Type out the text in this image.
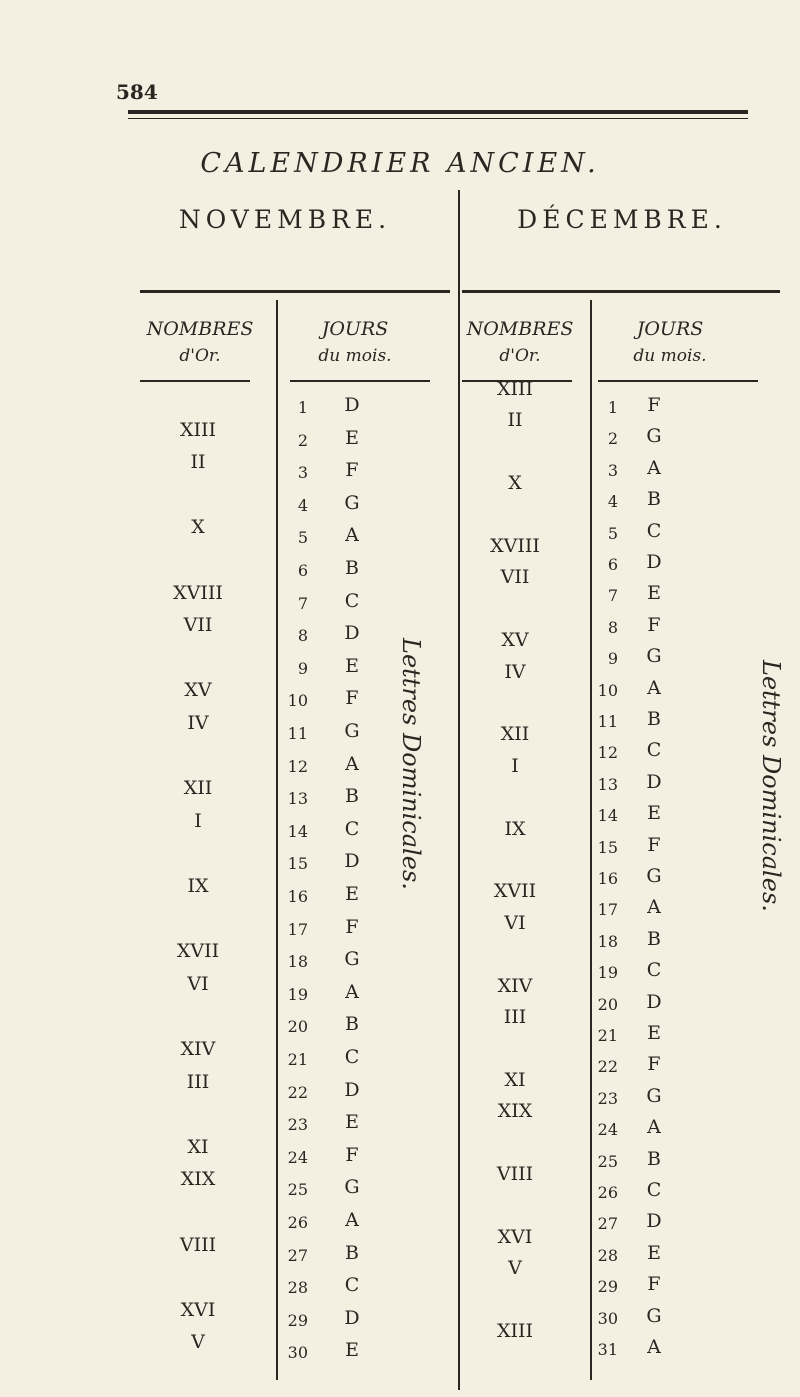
584
CALENDRIER ANCIEN.
NOVEMBRE.	DÉCEMBRE.
NOMBRES
d'Or.
JOURS
du mois.
NOMBRES
d'Or.
JOURS
du mois.
XIII
II
X
XVIII
VII
XV
IV
XII
I
IX
XVII
VI
XIV
III
XI
XIX
VIII
XVI
V
1
2
3
4
5
6
7
8
9
10
11
12
13
14
15
16
17
18
19
20
21
22
23
24
25
26
27
28
29
30
D
E
F
G
A
B
C
D
E
F
G
A
B
C
D
E
F
G
A
B
C
D
E
F
G
A
B
C
D
E
XIII
II
X
XVIII
VII
XV
IV
XII
I
IX
XVII
VI
XIV
III
XI
XIX
VIII
XVI
V
XIII
1
2
3
4
5
6
7
8
9
10
11
12
13
14
15
16
17
18
19
20
21
22
23
24
25
26
27
28
29
30
31
F
G
A
B
C
D
E
F
G
A
B
C
D
E
F
G
A
B
C
D
E
F
G
A
B
C
D
E
F
G
A
Lettres Dominicales.	Lettres Dominicales.
